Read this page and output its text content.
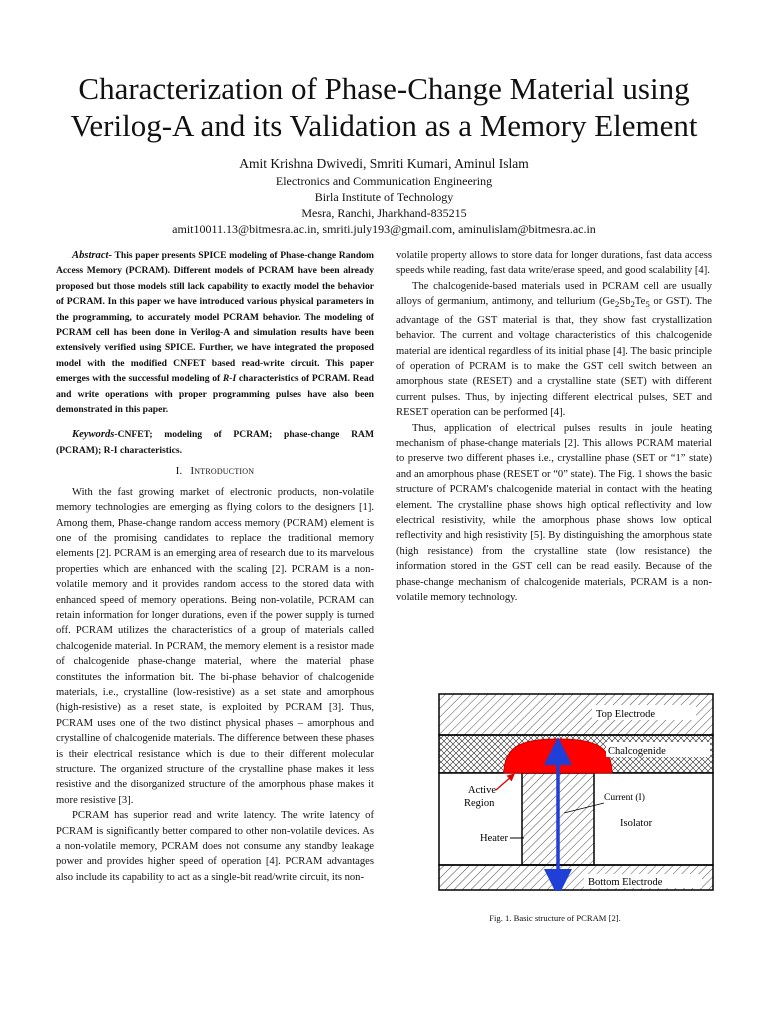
Characterization of Phase-Change Material using
Verilog-A and its Validation as a Memory Element
Amit Krishna Dwivedi, Smriti Kumari, Aminul Islam
Electronics and Communication Engineering
Birla Institute of Technology
Mesra, Ranchi, Jharkhand-835215
amit10011.13@bitmesra.ac.in, smriti.july193@gmail.com, aminulislam@bitmesra.ac.in

Abstract- This paper presents SPICE modeling of Phase-change Random Access Memory (PCRAM). Different models of PCRAM have been already proposed but those models still lack capability to exactly model the behavior of PCRAM. In this paper we have introduced various physical parameters in the programming, to accurately model PCRAM behavior. The modeling of PCRAM cell has been done in Verilog-A and simulation results have been extensively verified using SPICE. Further, we have integrated the proposed model with the modified CNFET based read-write circuit. This paper emerges with the successful modeling of R-I characteristics of PCRAM. Read and write operations with proper programming pulses have also been demonstrated in this paper.

Keywords-CNFET; modeling of PCRAM; phase-change RAM (PCRAM); R-I characteristics.

I. Introduction

With the fast growing market of electronic products, non-volatile memory technologies are emerging as flying colors to the designers [1]. Among them, Phase-change random access memory (PCRAM) element is one of the promising candidates to replace the traditional memory elements [2]. PCRAM is an emerging area of research due to its marvelous properties which are enhanced with the scaling [2]. PCRAM is a non-volatile memory and it provides random access to the stored data with enhanced speed of memory operations. Being non-volatile, PCRAM can retain information for longer durations, even if the power supply is turned off. PCRAM utilizes the characteristics of a group of materials called chalcogenide material. In PCRAM, the memory element is a resistor made of chalcogenide phase-change material, where the material phase constitutes the information bit. The bi-phase behavior of chalcogenide materials, i.e., crystalline (low-resistive) as a set state and amorphous (high-resistive) as a reset state, is exploited by PCRAM [3]. Thus, PCRAM uses one of the two distinct physical phases – amorphous and crystalline of chalcogenide materials. The difference between these phases is their electrical resistance which is due to their different molecular structure. The organized structure of the crystalline phase makes it less resistive and the disorganized structure of the amorphous phase makes it more resistive [3].

PCRAM has superior read and write latency. The write latency of PCRAM is significantly better compared to other non-volatile devices. As a non-volatile memory, PCRAM does not consume any standby leakage power and provides higher speed of operation [4]. PCRAM advantages also include its capability to act as a single-bit read/write circuit, its non-

volatile property allows to store data for longer durations, fast data access speeds while reading, fast data write/erase speed, and good scalability [4].

The chalcogenide-based materials used in PCRAM cell are usually alloys of germanium, antimony, and tellurium ($Ge_2Sb_2Te_5$ or GST). The advantage of the GST material is that, they show fast crystallization behavior. The current and voltage characteristics of this chalcogenide material are identical regardless of its initial phase [4]. The basic principle of operation of PCRAM is to make the GST cell switch between an amorphous state (RESET) and a crystalline state (SET) with different current pulses. Thus, by injecting different electrical pulses, SET and RESET operation can be performed [4].

Thus, application of electrical pulses results in joule heating mechanism of phase-change materials [2]. This allows PCRAM material to preserve two different phases i.e., crystalline phase (SET or “1” state) and an amorphous phase (RESET or “0” state). The Fig. 1 shows the basic structure of PCRAM's chalcogenide material in contact with the heating element. The crystalline phase shows high optical reflectivity and low electrical resistivity, while the amorphous phase shows low optical reflectivity and high resistivity [5]. By distinguishing the amorphous state (high resistance) from the crystalline state (low resistance) the information stored in the GST cell can be read easily. Because of the phase-change mechanism of chalcogenide materials, PCRAM is a non-volatile memory technology.

Top Electrode
Chalcogenide
Active
Region	Current (I)
Isolator
Heater
Bottom Electrode
Fig. 1. Basic structure of PCRAM [2].
